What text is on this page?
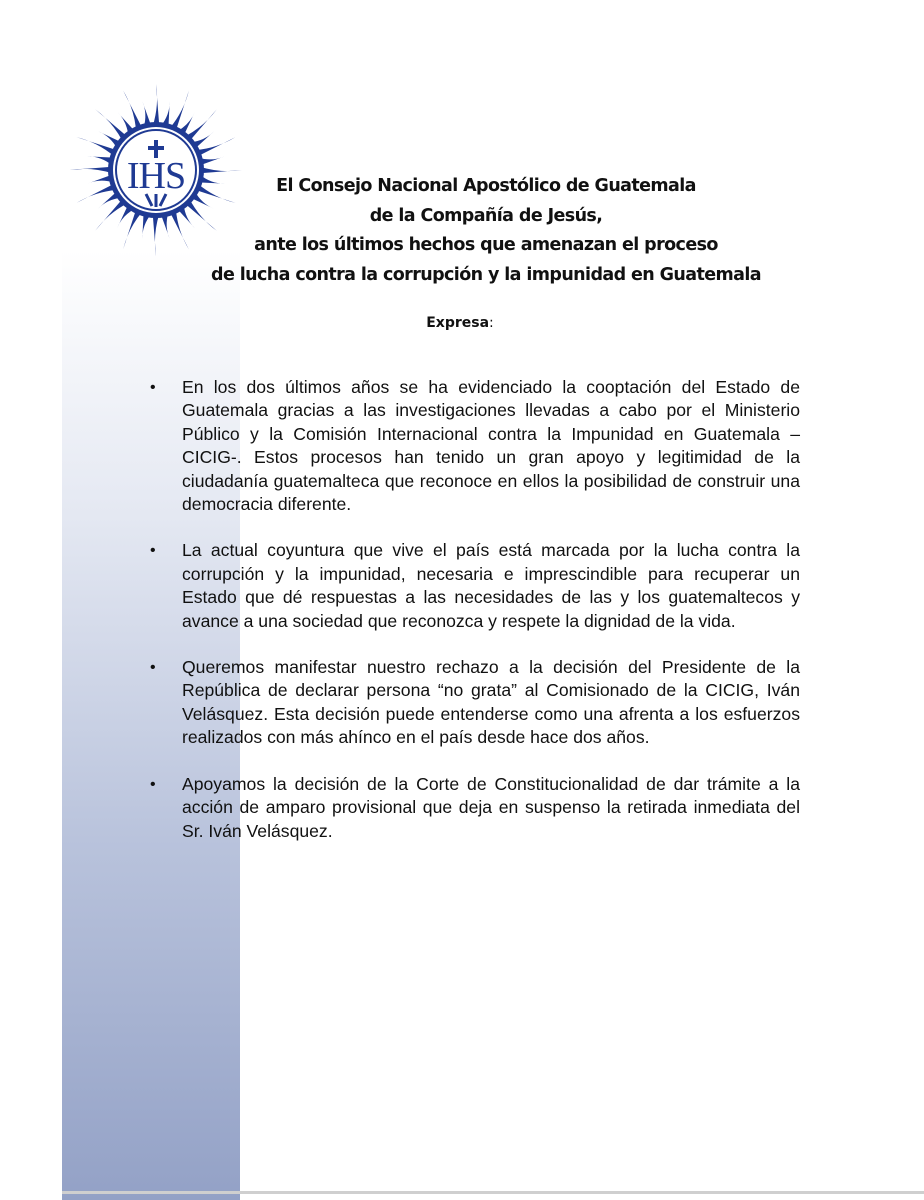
IHS	El Consejo Nacional Apostólico de Guatemala
de la Compañía de Jesús,
ante los últimos hechos que amenazan el proceso
de lucha contra la corrupción y la impunidad en Guatemala
Expresa:
• En los dos últimos años se ha evidenciado la cooptación del Estado de Guatemala gracias a las investigaciones llevadas a cabo por el Ministerio Público y la Comisión Internacional contra la Impunidad en Guatemala – CICIG-. Estos procesos han tenido un gran apoyo y legitimidad de la ciudadanía guatemalteca que reconoce en ellos la posibilidad de construir una democracia diferente.
• La actual coyuntura que vive el país está marcada por la lucha contra la corrupción y la impunidad, necesaria e imprescindible para recuperar un Estado que dé respuestas a las necesidades de las y los guatemaltecos y avance a una sociedad que reconozca y respete la dignidad de la vida.
• Queremos manifestar nuestro rechazo a la decisión del Presidente de la República de declarar persona “no grata” al Comisionado de la CICIG, Iván Velásquez. Esta decisión puede entenderse como una afrenta a los esfuerzos realizados con más ahínco en el país desde hace dos años.
• Apoyamos la decisión de la Corte de Constitucionalidad de dar trámite a la acción de amparo provisional que deja en suspenso la retirada inmediata del Sr. Iván Velásquez.
